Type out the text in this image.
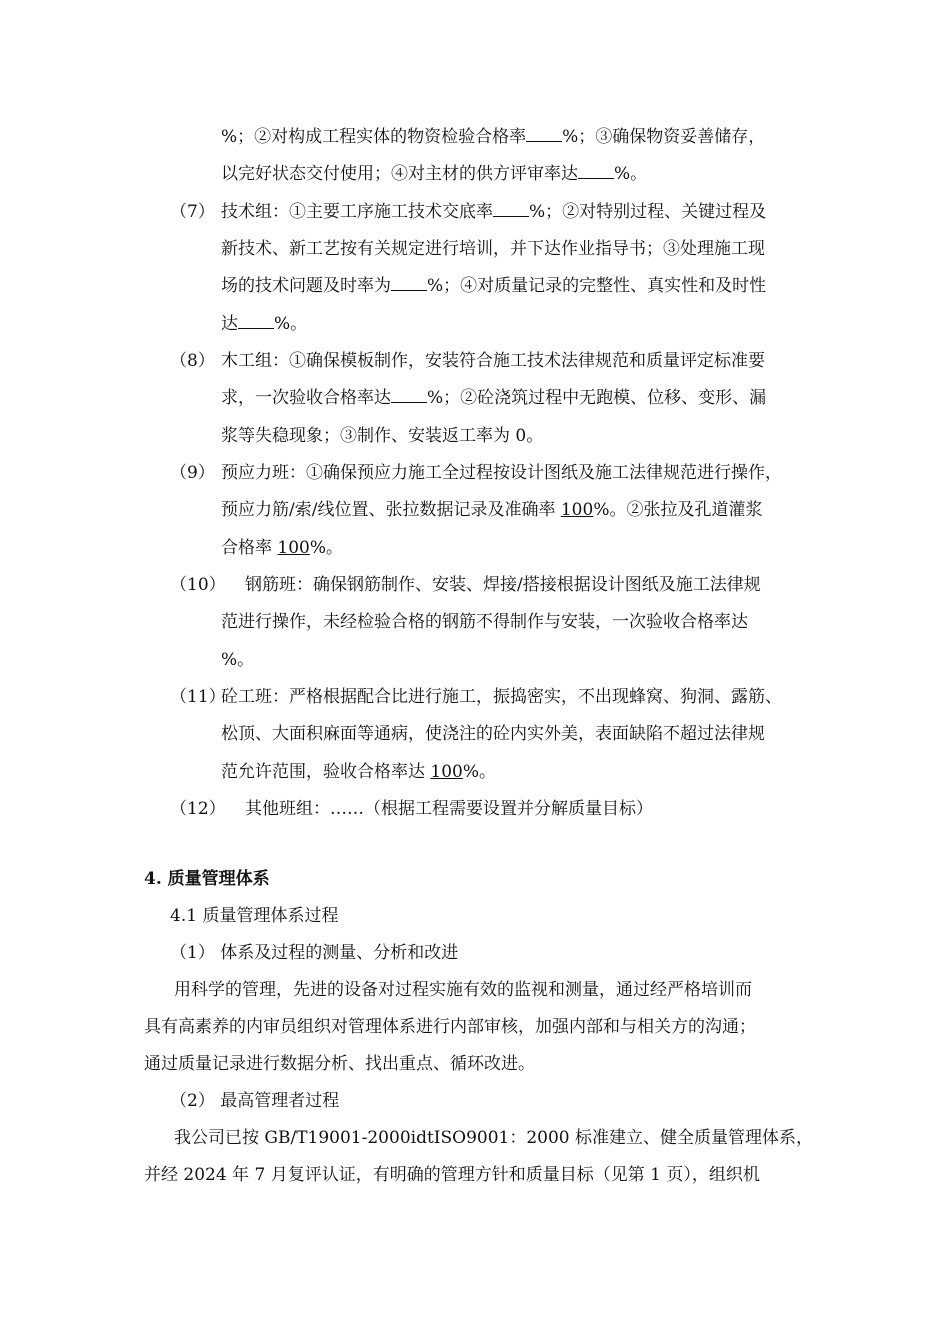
%；②对构成工程实体的物资检验合格率 %；③确保物资妥善储存，
以完好状态交付使用；④对主材的供方评审率达 %。
（7） 技术组：①主要工序施工技术交底率 %；②对特别过程、关键过程及
新技术、新工艺按有关规定进行培训，并下达作业指导书；③处理施工现
场的技术问题及时率为 %；④对质量记录的完整性、真实性和及时性
达 %。
（8） 木工组：①确保模板制作，安装符合施工技术法律规范和质量评定标准要
求，一次验收合格率达 %；②砼浇筑过程中无跑模、位移、变形、漏
浆等失稳现象；③制作、安装返工率为 0。
（9） 预应力班：①确保预应力施工全过程按设计图纸及施工法律规范进行操作，
预应力筋/索/线位置、张拉数据记录及准确率 100%。②张拉及孔道灌浆
合格率 100%。
（10） 钢筋班：确保钢筋制作、安装、焊接/搭接根据设计图纸及施工法律规
范进行操作，未经检验合格的钢筋不得制作与安装，一次验收合格率达
%。
（11）
砼工班：严格根据配合比进行施工，振捣密实，不出现蜂窝、狗洞、露筋、
松顶、大面积麻面等通病，使浇注的砼内实外美，表面缺陷不超过法律规
范允许范围，验收合格率达 100%。
（12） 其他班组：……（根据工程需要设置并分解质量目标）
4. 质量管理体系
4.1 质量管理体系过程
（1） 体系及过程的测量、分析和改进
用科学的管理，先进的设备对过程实施有效的监视和测量，通过经严格培训而
具有高素养的内审员组织对管理体系进行内部审核，加强内部和与相关方的沟通；
通过质量记录进行数据分析、找出重点、循环改进。
（2） 最高管理者过程
我公司已按 GB/T19001-2000idtISO9001：2000 标准建立、健全质量管理体系，
并经 2024 年 7 月复评认证，有明确的管理方针和质量目标（见第 1 页），组织机
